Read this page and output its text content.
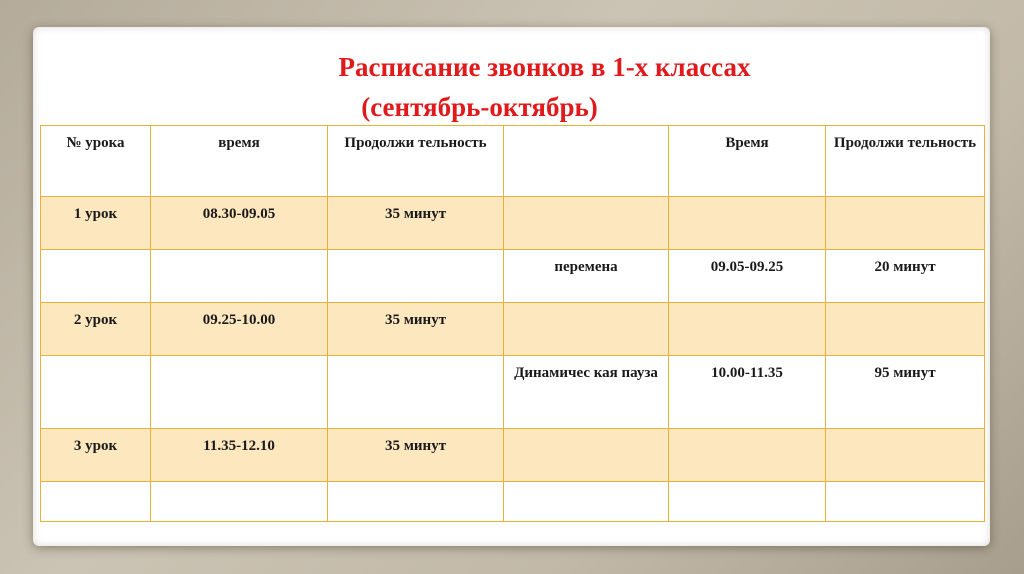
Расписание звонков в 1-х классах
(сентябрь-октябрь)
№ урока	время	Продолжи тельность		Время	Продолжи тельность
1 урок	08.30-09.05	35 минут			
			перемена	09.05-09.25	20 минут
2 урок	09.25-10.00	35 минут			
			Динамичес кая пауза	10.00-11.35	95 минут
3 урок	11.35-12.10	35 минут			
